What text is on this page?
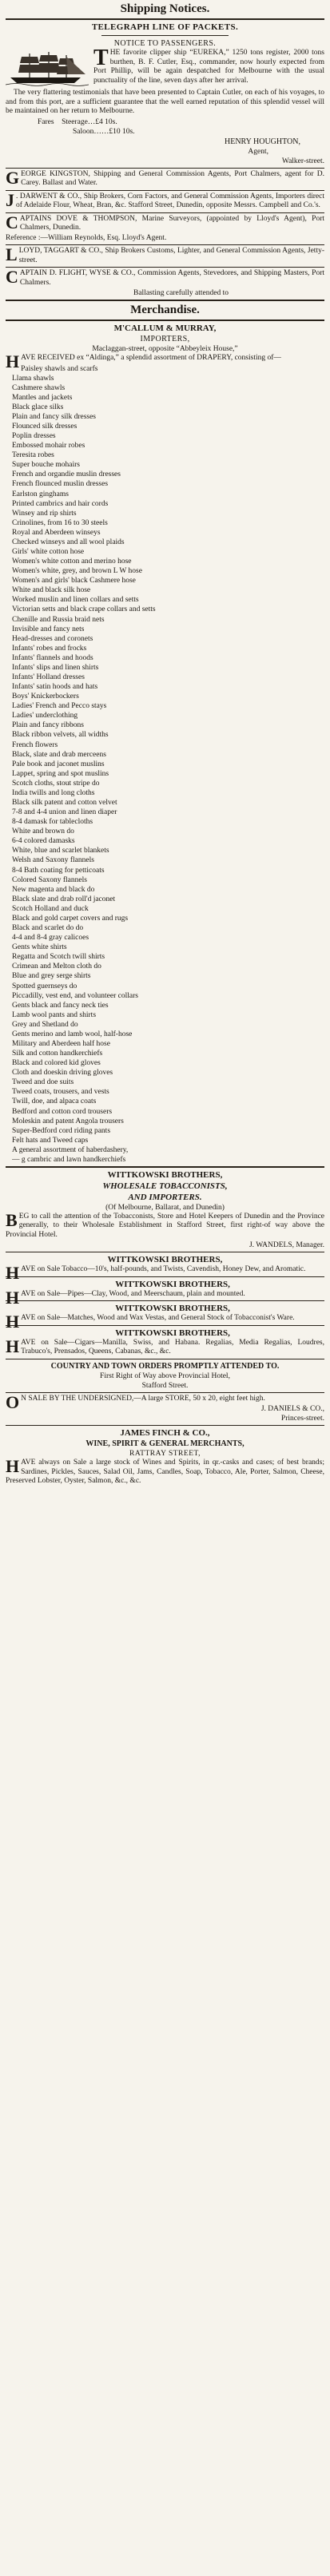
Shipping Notices.

TELEGRAPH LINE OF PACKETS.

NOTICE TO PASSENGERS.

T HE favorite clipper ship “EUREKA,” 1250 tons register, 2000 tons burthen, B. F. Cutler, Esq., commander, now hourly expected from Port Phillip, will be again despatched for Melbourne with the usual punctuality of the line, seven days after her arrival.

The very flattering testimonials that have been presented to Captain Cutler, on each of his voyages, to and from this port, are a sufficient guarantee that the well earned reputation of this splendid vessel will be maintained on her return to Melbourne.

Fares Steerage…£4 10s.

Saloon……£10 10s.

HENRY HOUGHTON,

Agent,

Walker-street.

GEORGE KINGSTON, Shipping and General Commission Agents, Port Chalmers, agent for D. Carey. Ballast and Water.

J . DARWENT & CO., Ship Brokers, Corn Factors, and General Commission Agents, Importers direct of Adelaide Flour, Wheat, Bran, &c. Stafford Street, Dunedin, opposite Messrs. Campbell and Co.'s.

CAPTAINS DOVE & THOMPSON, Marine Surveyors, (appointed by Lloyd's Agent), Port Chalmers, Dunedin.

Reference :—William Reynolds, Esq. Lloyd's Agent.

LLOYD, TAGGART & CO., Ship Brokers Customs, Lighter, and General Commission Agents, Jetty-street.

CAPTAIN D. FLIGHT, WYSE & CO., Commission Agents, Stevedores, and Shipping Masters, Port Chalmers.

Ballasting carefully attended to

Merchandise.

M'CALLUM & MURRAY,

IMPORTERS,

Maclaggan-street, opposite “Abbeyleix House,”

HAVE RECEIVED ex “Aldinga,” a splendid assortment of DRAPERY, consisting of—

Paisley shawls and scarfs
Llama shawls
Cashmere shawls
Mantles and jackets
Black glace silks
Plain and fancy silk dresses
Flounced silk dresses
Poplin dresses
Embossed mohair robes
Teresita robes
Super bouche mohairs
French and organdie muslin dresses
French flounced muslin dresses
Earlston ginghams
Printed cambrics and hair cords
Winsey and rip shirts
Crinolines, from 16 to 30 steels
Royal and Aberdeen winseys
Checked winseys and all wool plaids
Girls' white cotton hose
Women's white cotton and merino hose
Women's white, grey, and brown L W hose
Women's and girls' black Cashmere hose
White and black silk hose
Worked muslin and linen collars and setts
Victorian setts and black crape collars and setts
Chenille and Russia braid nets
Invisible and fancy nets
Head-dresses and coronets
Infants' robes and frocks
Infants' flannels and hoods
Infants' slips and linen shirts
Infants' Holland dresses
Infants' satin hoods and hats
Boys' Knickerbockers
Ladies' French and Pecco stays
Ladies' underclothing
Plain and fancy ribbons
Black ribbon velvets, all widths
French flowers
Black, slate and drab merceens
Pale book and jaconet muslins
Lappet, spring and spot muslins
Scotch cloths, stout stripe do
India twills and long cloths
Black silk patent and cotton velvet
7-8 and 4-4 union and linen diaper
8-4 damask for tablecloths
White and brown do
6-4 colored damasks
White, blue and scarlet blankets
Welsh and Saxony flannels
8-4 Bath coating for petticoats
Colored Saxony flannels
New magenta and black do
Black slate and drab roll'd jaconet
Scotch Holland and duck
Black and gold carpet covers and rugs
Black and scarlet do do
4-4 and 8-4 gray calicoes
Gents white shirts
Regatta and Scotch twill shirts
Crimean and Melton cloth do
Blue and grey serge shirts
Spotted guernseys do
Piccadilly, vest end, and volunteer collars
Gents black and fancy neck ties
Lamb wool pants and shirts
Grey and Shetland do
Gents merino and lamb wool, half-hose
Military and Aberdeen half hose
Silk and cotton handkerchiefs
Black and colored kid gloves
Cloth and doeskin driving gloves
Tweed and doe suits
Tweed coats, trousers, and vests
Twill, doe, and alpaca coats
Bedford and cotton cord trousers
Moleskin and patent Angola trousers
Super-Bedford cord riding pants
Felt hats and Tweed caps
A general assortment of haberdashery,
— g cambric and lawn handkerchiefs

WITTKOWSKI BROTHERS,

WHOLESALE TOBACCONISTS,

AND IMPORTERS.

(Of Melbourne, Ballarat, and Dunedin)

BEG to call the attention of the Tobacconists, Store and Hotel Keepers of Dunedin and the Province generally, to their Wholesale Establishment in Stafford Street, first right-of way above the Provincial Hotel.

J. WANDELS, Manager.

WITTKOWSKI BROTHERS,

HAVE on Sale Tobacco—10's, half-pounds, and Twists, Cavendish, Honey Dew, and Aromatic.

WITTKOWSKI BROTHERS,

HAVE on Sale—Pipes—Clay, Wood, and Meerschaum, plain and mounted.

WITTKOWSKI BROTHERS,

HAVE on Sale—Matches, Wood and Wax Vestas, and General Stock of Tobacconist's Ware.

WITTKOWSKI BROTHERS,

HAVE on Sale—Cigars—Manilla, Swiss, and Habana. Regalias, Media Regalias, Loudres, Trabuco's, Prensados, Queens, Cabanas, &c., &c.

COUNTRY AND TOWN ORDERS PROMPTLY ATTENDED TO.

First Right of Way above Provincial Hotel,

Stafford Street.

O N SALE BY THE UNDERSIGNED,—A large STORE, 50 x 20, eight feet high.

J. DANIELS & CO.,

Princes-street.

JAMES FINCH & CO.,

WINE, SPIRIT & GENERAL MERCHANTS,

RATTRAY STREET,

HAVE always on Sale a large stock of Wines and Spirits, in qr.-casks and cases; of best brands; Sardines, Pickles, Sauces, Salad Oil, Jams, Candles, Soap, Tobacco, Ale, Porter, Salmon, Cheese, Preserved Lobster, Oyster, Salmon, &c., &c.
